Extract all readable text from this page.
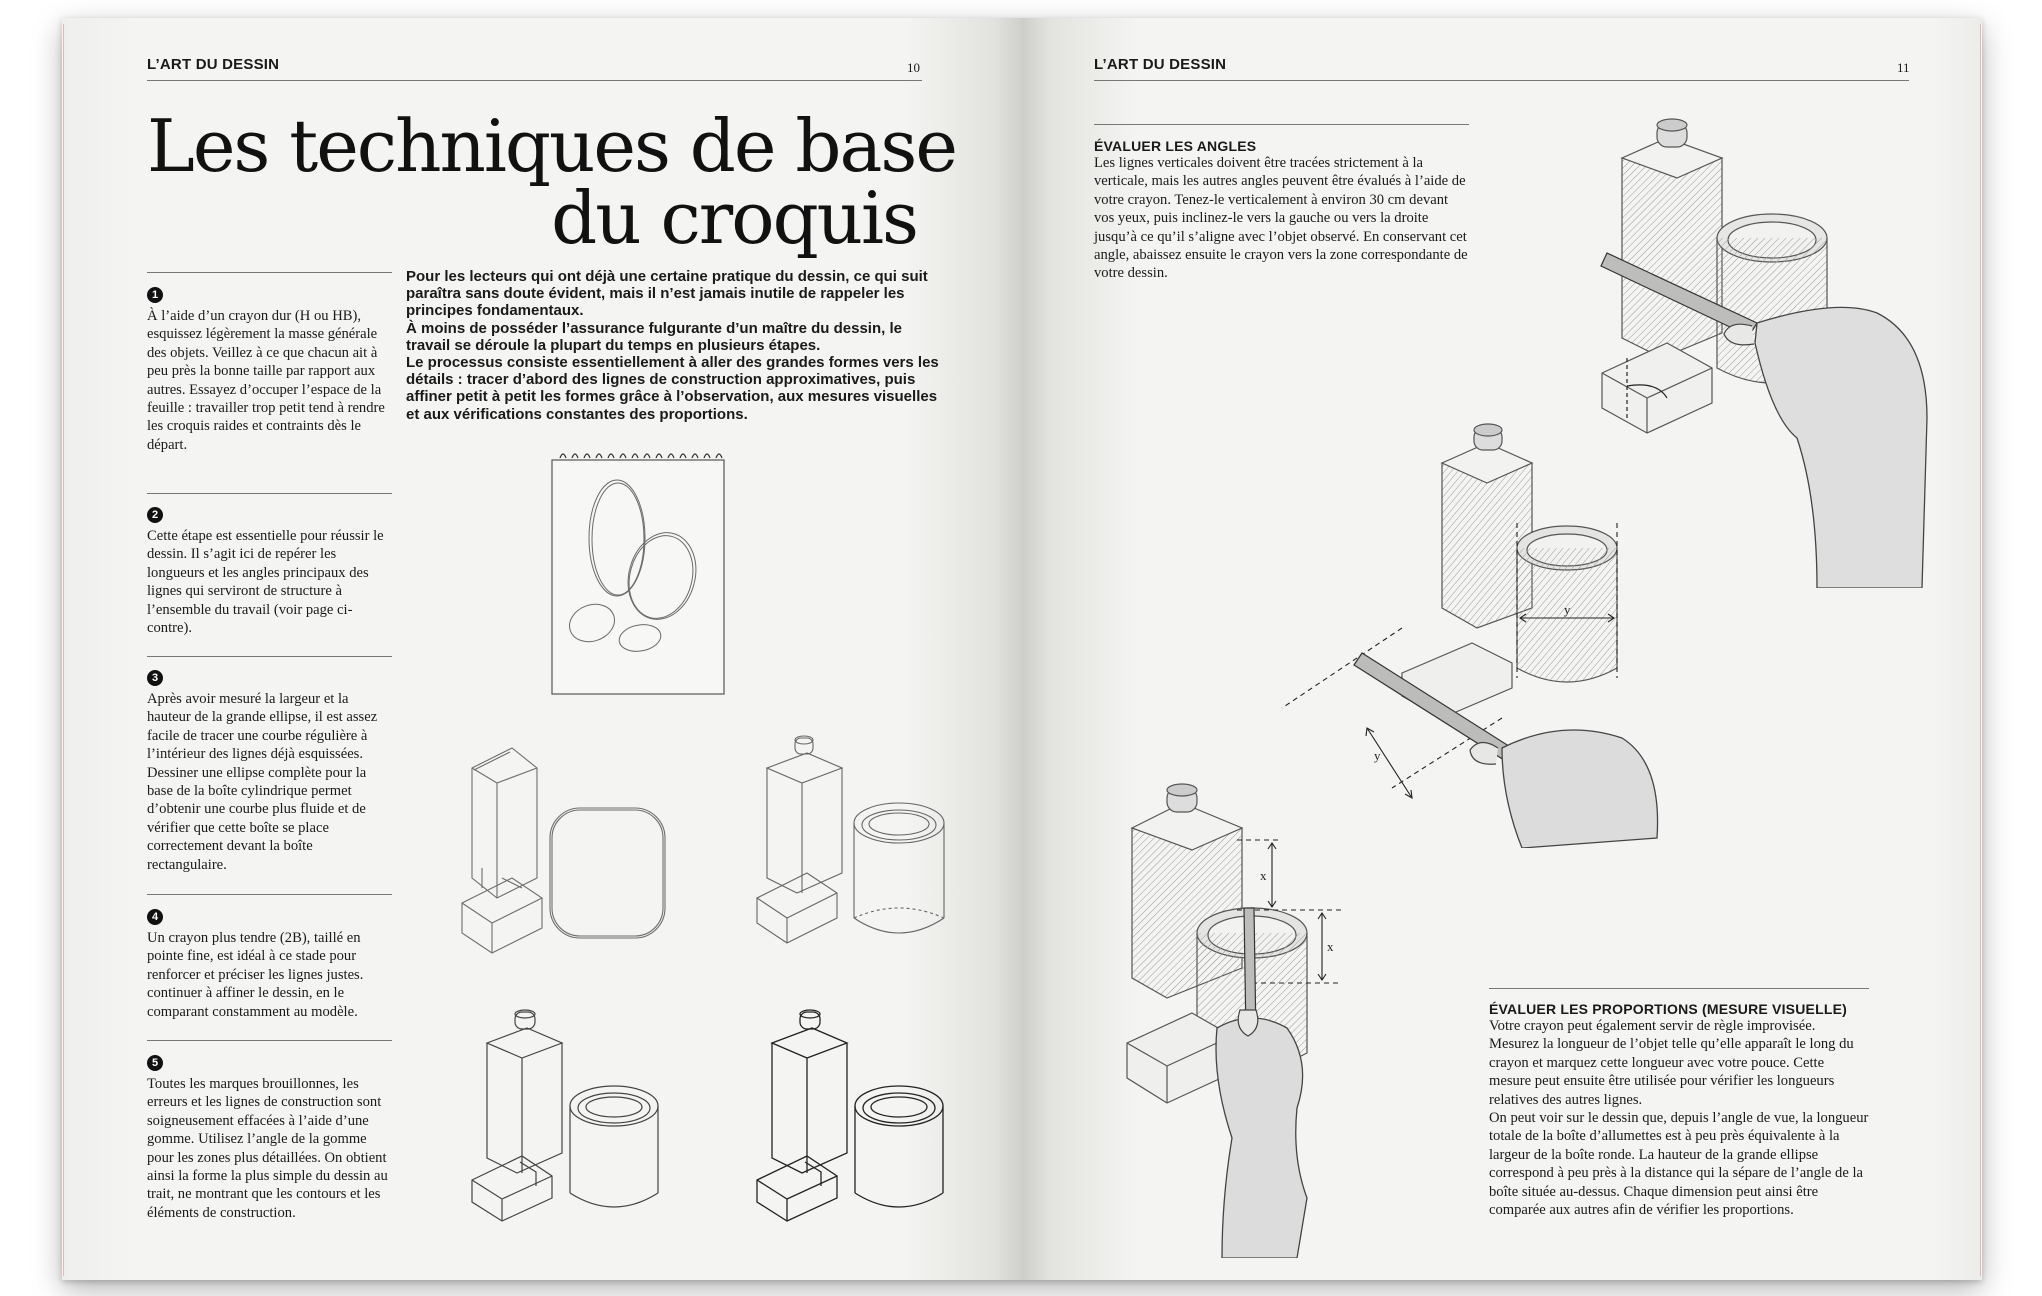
L’ART DU DESSIN	10
Les techniques de base
du croquis
1
À l’aide d’un crayon dur (H ou HB), esquissez légèrement la masse générale des objets. Veillez à ce que chacun ait à peu près la bonne taille par rapport aux autres. Essayez d’occuper l’espace de la feuille : travailler trop petit tend à rendre les croquis raides et contraints dès le départ.
2
Cette étape est essentielle pour réussir le dessin. Il s’agit ici de repérer les longueurs et les angles principaux des lignes qui serviront de structure à l’ensemble du travail (voir page ci-contre).
3
Après avoir mesuré la largeur et la hauteur de la grande ellipse, il est assez facile de tracer une courbe régulière à l’intérieur des lignes déjà esquissées. Dessiner une ellipse complète pour la base de la boîte cylindrique permet d’obtenir une courbe plus fluide et de vérifier que cette boîte se place correctement devant la boîte rectangulaire.
4
Un crayon plus tendre (2B), taillé en pointe fine, est idéal à ce stade pour renforcer et préciser les lignes justes. continuer à affiner le dessin, en le comparant constamment au modèle.
5
Toutes les marques brouillonnes, les erreurs et les lignes de construction sont soigneusement effacées à l’aide d’une gomme. Utilisez l’angle de la gomme pour les zones plus détaillées. On obtient ainsi la forme la plus simple du dessin au trait, ne montrant que les contours et les éléments de construction.

Pour les lecteurs qui ont déjà une certaine pratique du dessin, ce qui suit paraîtra sans doute évident, mais il n’est jamais inutile de rappeler les principes fondamentaux.

À moins de posséder l’assurance fulgurante d’un maître du dessin, le travail se déroule la plupart du temps en plusieurs étapes.

Le processus consiste essentiellement à aller des grandes formes vers les détails : tracer d’abord des lignes de construction approximatives, puis affiner petit à petit les formes grâce à l’observation, aux mesures visuelles et aux vérifications constantes des proportions.

L’ART DU DESSIN	11
ÉVALUER LES ANGLES

Les lignes verticales doivent être tracées strictement à la verticale, mais les autres angles peuvent être évalués à l’aide de votre crayon. Tenez-le verticalement à environ 30 cm devant vos yeux, puis inclinez-le vers la gauche ou vers la droite jusqu’à ce qu’il s’aligne avec l’objet observé. En conservant cet angle, abaissez ensuite le crayon vers la zone correspondante de votre dessin.

ÉVALUER LES PROPORTIONS (MESURE VISUELLE)

Votre crayon peut également servir de règle improvisée. Mesurez la longueur de l’objet telle qu’elle apparaît le long du crayon et marquez cette longueur avec votre pouce. Cette mesure peut ensuite être utilisée pour vérifier les longueurs relatives des autres lignes.

On peut voir sur le dessin que, depuis l’angle de vue, la longueur totale de la boîte d’allumettes est à peu près équivalente à la largeur de la boîte ronde. La hauteur de la grande ellipse correspond à peu près à la distance qui la sépare de l’angle de la boîte située au-dessus. Chaque dimension peut ainsi être comparée aux autres afin de vérifier les proportions.

y
y
x
x
